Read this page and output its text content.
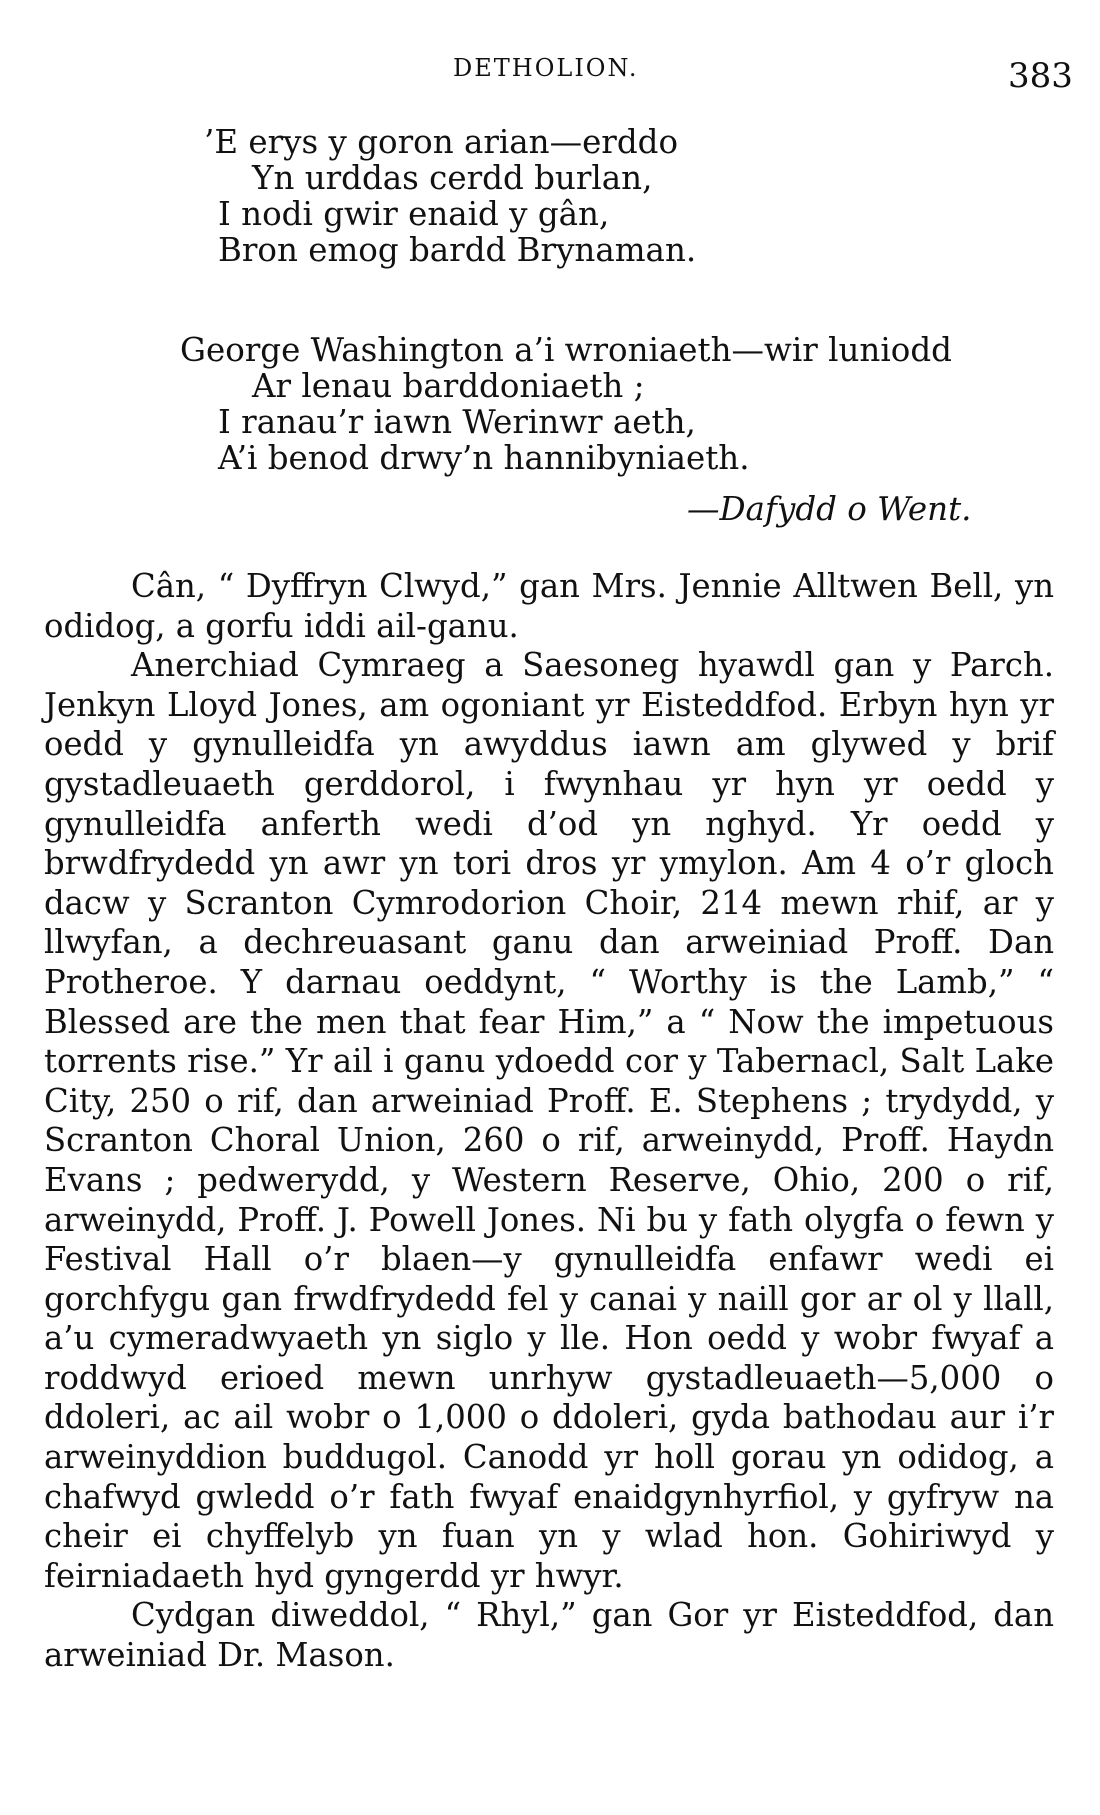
DETHOLION.	383
’E erys y goron arian—erddo
Yn urddas cerdd burlan,
I nodi gwir enaid y gân,
Bron emog bardd Brynaman.
George Washington a’i wroniaeth—wir luniodd
Ar lenau barddoniaeth ;
I ranau’r iawn Werinwr aeth,
A’i benod drwy’n hannibyniaeth.
—Dafydd o Went.

Cân, “ Dyffryn Clwyd,” gan Mrs. Jennie Alltwen Bell, yn odidog, a gorfu iddi ail-ganu.

Anerchiad Cymraeg a Saesoneg hyawdl gan y Parch. Jenkyn Lloyd Jones, am ogoniant yr Eisteddfod. Erbyn hyn yr oedd y gynulleidfa yn awyddus iawn am glywed y brif gystadleuaeth gerddorol, i fwynhau yr hyn yr oedd y gynulleidfa anferth wedi d’od yn nghyd. Yr oedd y brwdfrydedd yn awr yn tori dros yr ymylon. Am 4 o’r gloch dacw y Scranton Cymrodorion Choir, 214 mewn rhif, ar y llwyfan, a dechreuasant ganu dan arweiniad Proff. Dan Protheroe. Y darnau oeddynt, “ Worthy is the Lamb,” “ Blessed are the men that fear Him,” a “ Now the impetuous torrents rise.” Yr ail i ganu ydoedd cor y Tabernacl, Salt Lake City, 250 o rif, dan arweiniad Proff. E. Stephens ; trydydd, y Scranton Choral Union, 260 o rif, arweinydd, Proff. Haydn Evans ; pedwerydd, y Western Reserve, Ohio, 200 o rif, arweinydd, Proff. J. Powell Jones. Ni bu y fath olygfa o fewn y Festival Hall o’r blaen—y gynulleidfa enfawr wedi ei gorchfygu gan frwdfrydedd fel y canai y naill gor ar ol y llall, a’u cymeradwyaeth yn siglo y lle. Hon oedd y wobr fwyaf a roddwyd erioed mewn unrhyw gystadleuaeth—5,000 o ddoleri, ac ail wobr o 1,000 o ddoleri, gyda bathodau aur i’r arweinyddion buddugol. Canodd yr holl gorau yn odidog, a chafwyd gwledd o’r fath fwyaf enaidgynhyrfiol, y gyfryw na cheir ei chyffelyb yn fuan yn y wlad hon. Gohiriwyd y feirniadaeth hyd gyngerdd yr hwyr.

Cydgan diweddol, “ Rhyl,” gan Gor yr Eisteddfod, dan arweiniad Dr. Mason.
